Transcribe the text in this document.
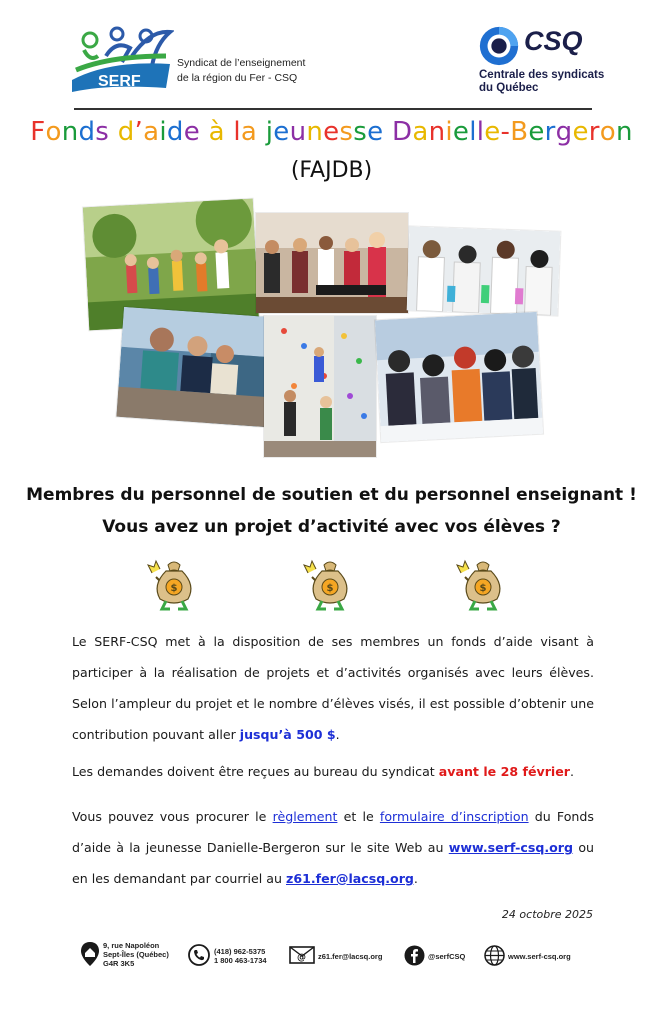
SERF
Syndicat de l’enseignement
de la région du Fer - CSQ
CSQ
Centrale des syndicats
du Québec
Fonds d’aide à la jeunesse Danielle-Bergeron
(FAJDB)
Membres du personnel de soutien et du personnel enseignant !
Vous avez un projet d’activité avec vos élèves ?
$	$	$
Le SERF-CSQ met à la disposition de ses membres un fonds d’aide visant à participer à la réalisation de projets et d’activités organisés avec leurs élèves. Selon l’ampleur du projet et le nombre d’élèves visés, il est possible d’obtenir une contribution pouvant aller jusqu’à 500 $.
Les demandes doivent être reçues au bureau du syndicat avant le 28 février.
Vous pouvez vous procurer le règlement et le formulaire d’inscription du Fonds d’aide à la jeunesse Danielle-Bergeron sur le site Web au www.serf-csq.org ou en les demandant par courriel au z61.fer@lacsq.org.
24 octobre 2025
9, rue Napoléon
Sept-Îles (Québec)
G4R 3K5
(418) 962-5375
1 800 463-1734	@ z61.fer@lacsq.org	@serfCSQ	www.serf-csq.org
